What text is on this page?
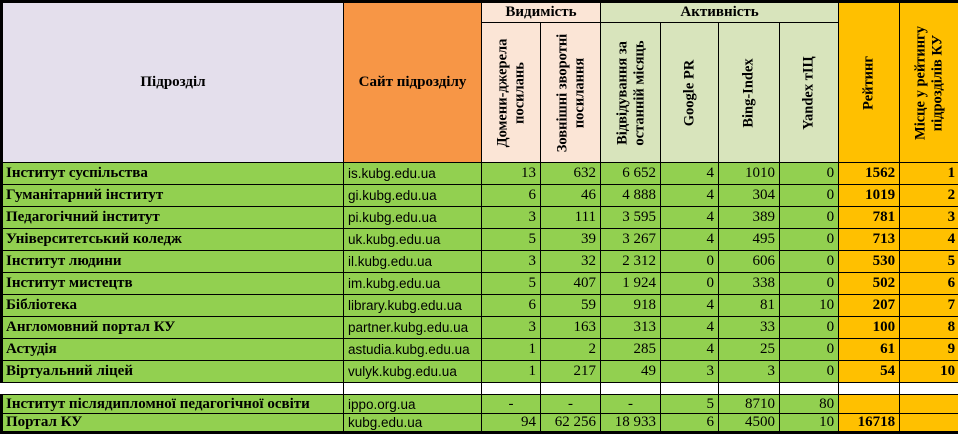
Підрозділ	Сайт підрозділу	Видимість		Активність				Рейтинг	Місце у рейтингу підрозділів КУ

		Домени-джерела посилань	Зовнішні зворотні посилання	Відвідування за останній місяць	Google PR	Bing-Index	Yandex тІЦ		

Інститут суспільства	is.kubg.edu.ua	13	632	6 652	4	1010	0	1562	1
Гуманітарний інститут	gi.kubg.edu.ua	6	46	4 888	4	304	0	1019	2
Педагогічний інститут	pi.kubg.edu.ua	3	111	3 595	4	389	0	781	3
Університетський коледж	uk.kubg.edu.ua	5	39	3 267	4	495	0	713	4
Інститут людини	il.kubg.edu.ua	3	32	2 312	0	606	0	530	5
Інститут мистецтв	im.kubg.edu.ua	5	407	1 924	0	338	0	502	6
Бібліотека	library.kubg.edu.ua	6	59	918	4	81	10	207	7
Англомовний портал КУ	partner.kubg.edu.ua	3	163	313	4	33	0	100	8
Астудія	astudia.kubg.edu.ua	1	2	285	4	25	0	61	9
Віртуальний ліцей	vulyk.kubg.edu.ua	1	217	49	3	3	0	54	10

Інститут післядипломної педагогічної освіти	ippo.org.ua	-	-	-	5	8710	80		
Портал КУ	kubg.edu.ua	94	62 256	18 933	6	4500	10	16718	
